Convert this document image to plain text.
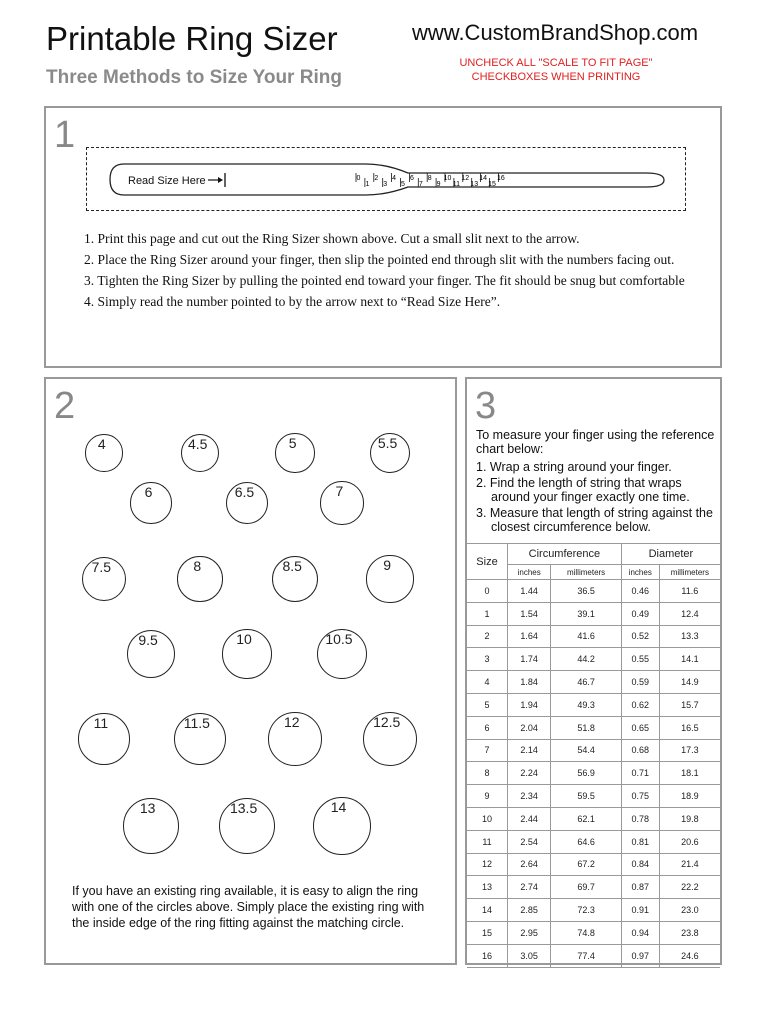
Printable Ring Sizer
Three Methods to Size Your Ring
www.CustomBrandShop.com
UNCHECK ALL "SCALE TO FIT PAGE" CHECKBOXES WHEN PRINTING
1
Read Size Here	0
1
2
3
4
5
6
7
8
9
10
11
12
13
14
15
16
1. Print this page and cut out the Ring Sizer shown above. Cut a small slit next to the arrow.
2. Place the Ring Sizer around your finger, then slip the pointed end through slit with the numbers facing out.
3. Tighten the Ring Sizer by pulling the pointed end toward your finger. The fit should be snug but comfortable
4. Simply read the number pointed to by the arrow next to “Read Size Here”.
2
4	4.5	5	5.5
6	6.5	7
7.5	8	8.5	9
9.5	10	10.5
11	11.5	12	12.5
13	13.5	14
If you have an existing ring available, it is easy to align the ring with one of the circles above. Simply place the existing ring with the inside edge of the ring fitting against the matching circle.
3
To measure your finger using the reference chart below:
1. Wrap a string around your finger.
2. Find the length of string that wraps around your finger exactly one time.
3. Measure that length of string against the closest circumference below.
Size	Circumference		Diameter	
	inches	millimeters	inches	millimeters
0	1.44	36.5	0.46	11.6
1	1.54	39.1	0.49	12.4
2	1.64	41.6	0.52	13.3
3	1.74	44.2	0.55	14.1
4	1.84	46.7	0.59	14.9
5	1.94	49.3	0.62	15.7
6	2.04	51.8	0.65	16.5
7	2.14	54.4	0.68	17.3
8	2.24	56.9	0.71	18.1
9	2.34	59.5	0.75	18.9
10	2.44	62.1	0.78	19.8
11	2.54	64.6	0.81	20.6
12	2.64	67.2	0.84	21.4
13	2.74	69.7	0.87	22.2
14	2.85	72.3	0.91	23.0
15	2.95	74.8	0.94	23.8
16	3.05	77.4	0.97	24.6
